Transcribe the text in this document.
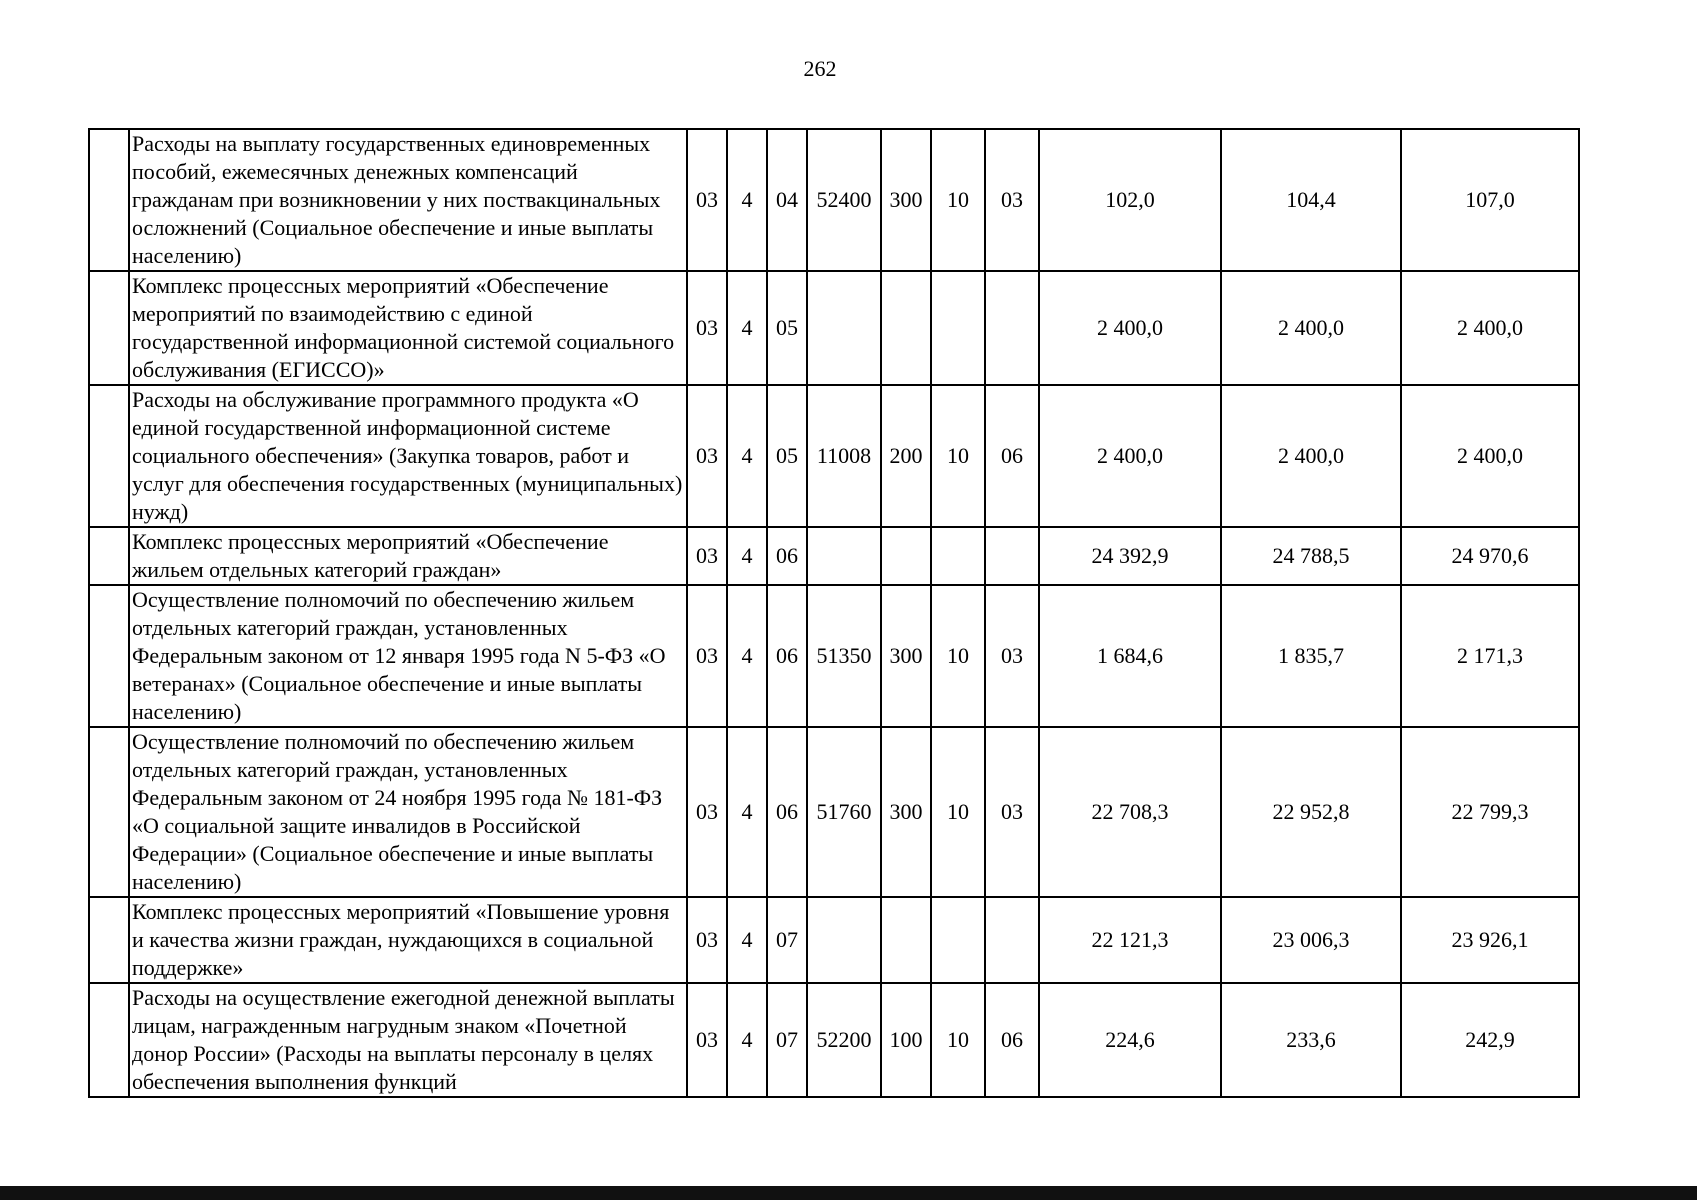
262
	Расходы на выплату государственных единовременных пособий, ежемесячных денежных компенсаций гражданам при возникновении у них поствакцинальных осложнений (Социальное обеспечение и иные выплаты населению)	03	4	04	52400	300	10	03	102,0	104,4	107,0
	Комплекс процессных мероприятий «Обеспечение мероприятий по взаимодействию с единой государственной информационной системой социального обслуживания (ЕГИССО)»	03	4	05					2 400,0	2 400,0	2 400,0
	Расходы на обслуживание программного продукта «О единой государственной информационной системе социального обеспечения» (Закупка товаров, работ и услуг для обеспечения государственных (муниципальных) нужд)	03	4	05	11008	200	10	06	2 400,0	2 400,0	2 400,0
	Комплекс процессных мероприятий «Обеспечение жильем отдельных категорий граждан»	03	4	06					24 392,9	24 788,5	24 970,6
	Осуществление полномочий по обеспечению жильем отдельных категорий граждан, установленных Федеральным законом от 12 января 1995 года N 5-ФЗ «О ветеранах» (Социальное обеспечение и иные выплаты населению)	03	4	06	51350	300	10	03	1 684,6	1 835,7	2 171,3
	Осуществление полномочий по обеспечению жильем отдельных категорий граждан, установленных Федеральным законом от 24 ноября 1995 года № 181-ФЗ «О социальной защите инвалидов в Российской Федерации» (Социальное обеспечение и иные выплаты населению)	03	4	06	51760	300	10	03	22 708,3	22 952,8	22 799,3
	Комплекс процессных мероприятий «Повышение уровня и качества жизни граждан, нуждающихся в социальной поддержке»	03	4	07					22 121,3	23 006,3	23 926,1
	Расходы на осуществление ежегодной денежной выплаты лицам, награжденным нагрудным знаком «Почетной донор России» (Расходы на выплаты персоналу в целях обеспечения выполнения функций	03	4	07	52200	100	10	06	224,6	233,6	242,9
